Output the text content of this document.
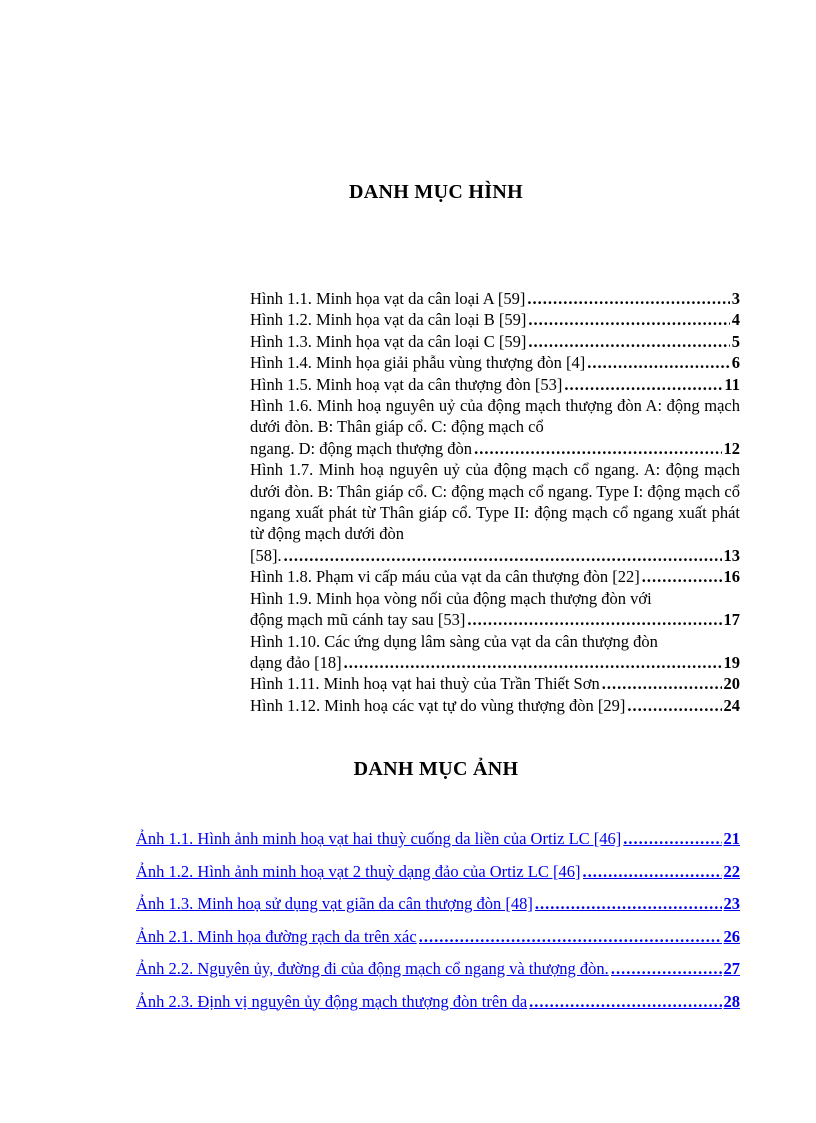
DANH MỤC HÌNH
Hình 1.1. Minh họa vạt da cân loại A [59] .....	3
Hình 1.2. Minh họa vạt da cân loại B [59] .....	4
Hình 1.3. Minh họa vạt da cân loại C [59] .....	5
Hình 1.4. Minh họa giải phẫu vùng thượng đòn [4] .....	6
Hình 1.5. Minh hoạ vạt da cân thượng đòn [53] .....	11
Hình 1.6. Minh hoạ nguyên uỷ của động mạch thượng đòn A: động mạch dưới đòn. B: Thân giáp cổ. C: động mạch cổ
ngang. D: động mạch thượng đòn .....	12
Hình 1.7. Minh hoạ nguyên uỷ của động mạch cổ ngang. A: động mạch dưới đòn. B: Thân giáp cổ. C: động mạch cổ ngang. Type I: động mạch cổ ngang xuất phát từ Thân giáp cổ. Type II: động mạch cổ ngang xuất phát từ động mạch dưới đòn
[58]. .....	13
Hình 1.8. Phạm vi cấp máu của vạt da cân thượng đòn [22] .....	16
Hình 1.9. Minh họa vòng nối của động mạch thượng đòn với
động mạch mũ cánh tay sau [53] .....	17
Hình 1.10. Các ứng dụng lâm sàng của vạt da cân thượng đòn
dạng đảo [18] .....	19
Hình 1.11. Minh hoạ vạt hai thuỳ của Trần Thiết Sơn .....	20
Hình 1.12. Minh hoạ các vạt tự do vùng thượng đòn [29] .....	24
DANH MỤC ẢNH
Ảnh 1.1. Hình ảnh minh hoạ vạt hai thuỳ cuống da liền của Ortiz LC [46] .....	21
Ảnh 1.2. Hình ảnh minh hoạ vạt 2 thuỳ dạng đảo của Ortiz LC [46] .....	22
Ảnh 1.3. Minh hoạ sử dụng vạt giãn da cân thượng đòn [48] .....	23
Ảnh 2.1. Minh họa đường rạch da trên xác .....	26
Ảnh 2.2. Nguyên ủy, đường đi của động mạch cổ ngang và thượng đòn. .....	27
Ảnh 2.3. Định vị nguyên ủy động mạch thượng đòn trên da .....	28
